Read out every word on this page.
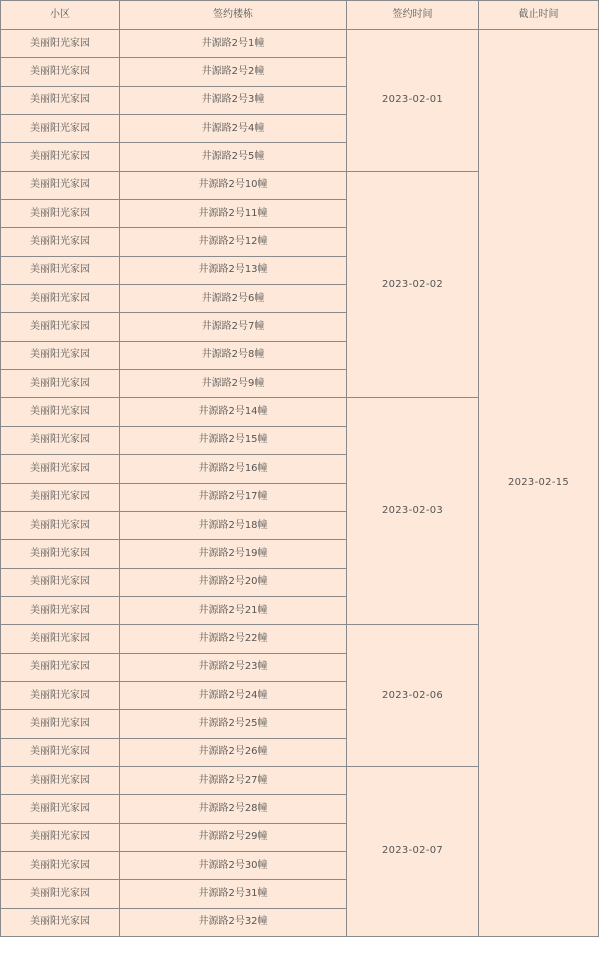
小区	签约楼栋	签约时间	截止时间
美丽阳光家园	井源路2号1幢	2023-02-01	2023-02-15
美丽阳光家园	井源路2号2幢		
美丽阳光家园	井源路2号3幢		
美丽阳光家园	井源路2号4幢		
美丽阳光家园	井源路2号5幢		
美丽阳光家园	井源路2号10幢	2023-02-02	
美丽阳光家园	井源路2号11幢		
美丽阳光家园	井源路2号12幢		
美丽阳光家园	井源路2号13幢		
美丽阳光家园	井源路2号6幢		
美丽阳光家园	井源路2号7幢		
美丽阳光家园	井源路2号8幢		
美丽阳光家园	井源路2号9幢		
美丽阳光家园	井源路2号14幢	2023-02-03	
美丽阳光家园	井源路2号15幢		
美丽阳光家园	井源路2号16幢		
美丽阳光家园	井源路2号17幢		
美丽阳光家园	井源路2号18幢		
美丽阳光家园	井源路2号19幢		
美丽阳光家园	井源路2号20幢		
美丽阳光家园	井源路2号21幢		
美丽阳光家园	井源路2号22幢	2023-02-06	
美丽阳光家园	井源路2号23幢		
美丽阳光家园	井源路2号24幢		
美丽阳光家园	井源路2号25幢		
美丽阳光家园	井源路2号26幢		
美丽阳光家园	井源路2号27幢	2023-02-07	
美丽阳光家园	井源路2号28幢		
美丽阳光家园	井源路2号29幢		
美丽阳光家园	井源路2号30幢		
美丽阳光家园	井源路2号31幢		
美丽阳光家园	井源路2号32幢		
